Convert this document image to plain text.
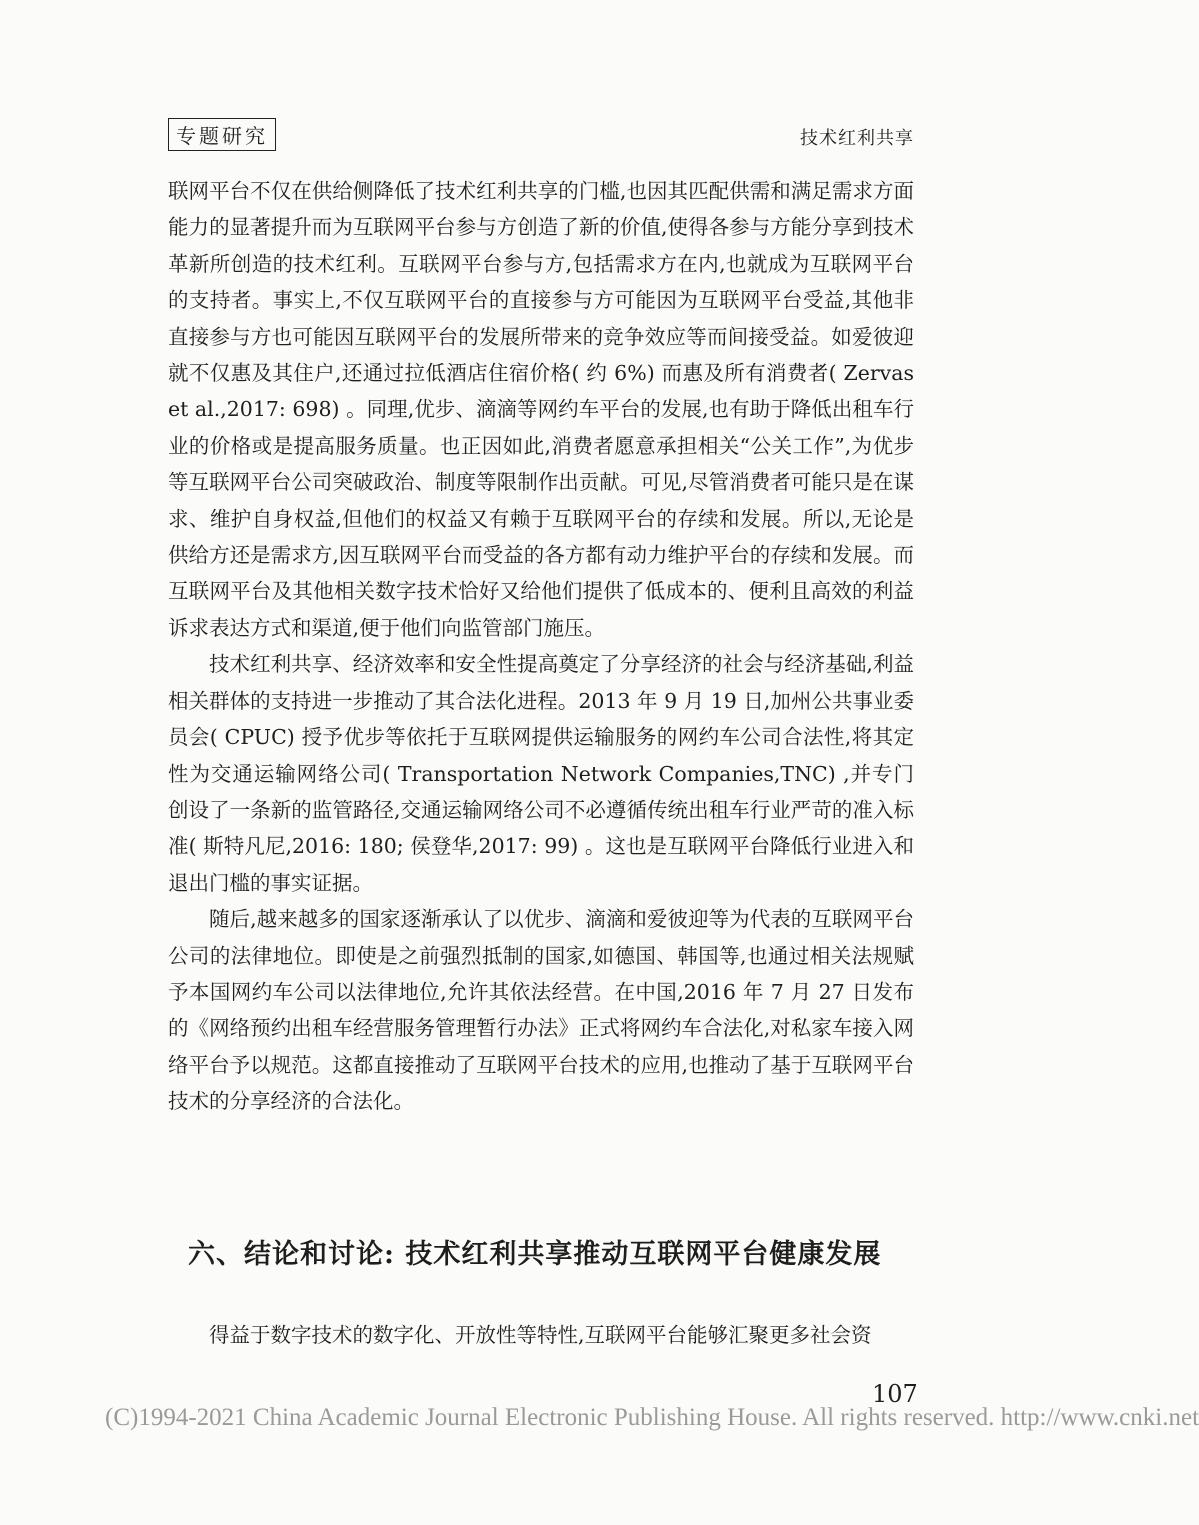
专题研究	技术红利共享

联网平台不仅在供给侧降低了技术红利共享的门槛,也因其匹配供需和满足需求方面能力的显著提升而为互联网平台参与方创造了新的价值,使得各参与方能分享到技术革新所创造的技术红利。互联网平台参与方,包括需求方在内,也就成为互联网平台的支持者。事实上,不仅互联网平台的直接参与方可能因为互联网平台受益,其他非直接参与方也可能因互联网平台的发展所带来的竞争效应等而间接受益。如爱彼迎就不仅惠及其住户,还通过拉低酒店住宿价格( 约 6%) 而惠及所有消费者( Zervas et al.,2017: 698) 。同理,优步、滴滴等网约车平台的发展,也有助于降低出租车行业的价格或是提高服务质量。也正因如此,消费者愿意承担相关“公关工作”,为优步等互联网平台公司突破政治、制度等限制作出贡献。可见,尽管消费者可能只是在谋求、维护自身权益,但他们的权益又有赖于互联网平台的存续和发展。所以,无论是供给方还是需求方,因互联网平台而受益的各方都有动力维护平台的存续和发展。而互联网平台及其他相关数字技术恰好又给他们提供了低成本的、便利且高效的利益诉求表达方式和渠道,便于他们向监管部门施压。

技术红利共享、经济效率和安全性提高奠定了分享经济的社会与经济基础,利益相关群体的支持进一步推动了其合法化进程。2013 年 9 月 19 日,加州公共事业委员会( CPUC) 授予优步等依托于互联网提供运输服务的网约车公司合法性,将其定性为交通运输网络公司( Transportation Network Companies,TNC) ,并专门创设了一条新的监管路径,交通运输网络公司不必遵循传统出租车行业严苛的准入标准( 斯特凡尼,2016: 180; 侯登华,2017: 99) 。这也是互联网平台降低行业进入和退出门槛的事实证据。

随后,越来越多的国家逐渐承认了以优步、滴滴和爱彼迎等为代表的互联网平台公司的法律地位。即使是之前强烈抵制的国家,如德国、韩国等,也通过相关法规赋予本国网约车公司以法律地位,允许其依法经营。在中国,2016 年 7 月 27 日发布的《网络预约出租车经营服务管理暂行办法》正式将网约车合法化,对私家车接入网络平台予以规范。这都直接推动了互联网平台技术的应用,也推动了基于互联网平台技术的分享经济的合法化。

六、结论和讨论: 技术红利共享推动互联网平台健康发展
得益于数字技术的数字化、开放性等特性,互联网平台能够汇聚更多社会资
107
(C)1994-2021 China Academic Journal Electronic Publishing House. All rights reserved. http://www.cnki.net
